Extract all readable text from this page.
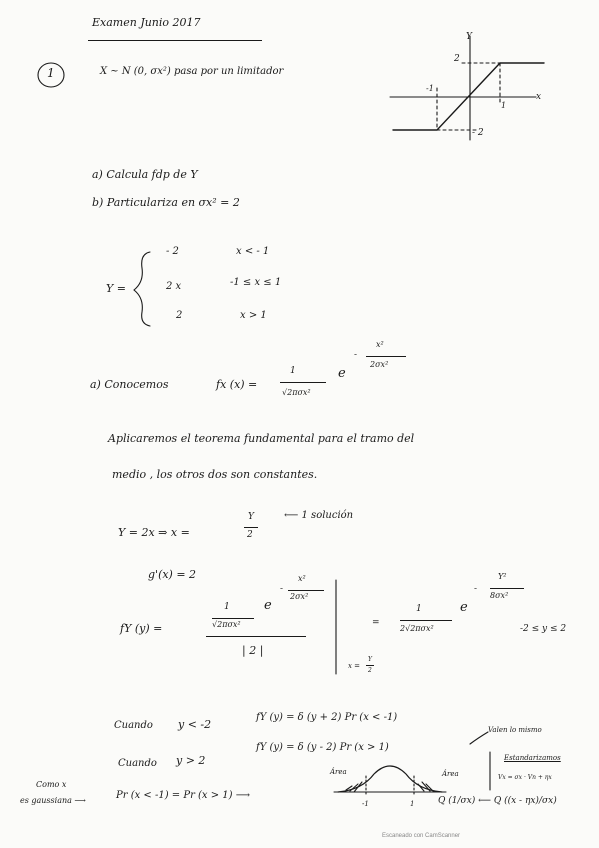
Examen Junio 2017
1	X ~ N (0, σx²) pasa por un limitador
Y
x
2
- 2
-1
1
a) Calcula fdp de Y
b) Particulariza en σx² = 2
Y =
- 2	x < - 1
2 x	-1 ≤ x ≤ 1
2	x > 1
a) Conocemos	fx (x) =
1
√2πσx²
e
-
x²
2σx²
Aplicaremos el teorema fundamental para el tramo del
medio , los otros dos son constantes.
Y = 2x ⇒ x =
Y
2
⟵ 1 solución
g'(x) = 2
fY (y) =
1
√2πσx²
e
-
x²
2σx²
| 2 |
x =
Y
2
=
1
2√2πσx²
e
-
Y²
8σx²
-2 ≤ y ≤ 2
Cuando y < -2
fY (y) = δ (y + 2) Pr (x < -1)
Cuando y > 2
fY (y) = δ (y - 2) Pr (x > 1)
Valen lo mismo
Como x
es gaussiana ⟶	Pr (x < -1) = Pr (x > 1) ⟶
Área	Área
-1	1
Estandarizamos
Vx = σx · Vn + ηx
Q (1/σx) ⟵ Q ((x - ηx)/σx)
Escaneado con CamScanner
